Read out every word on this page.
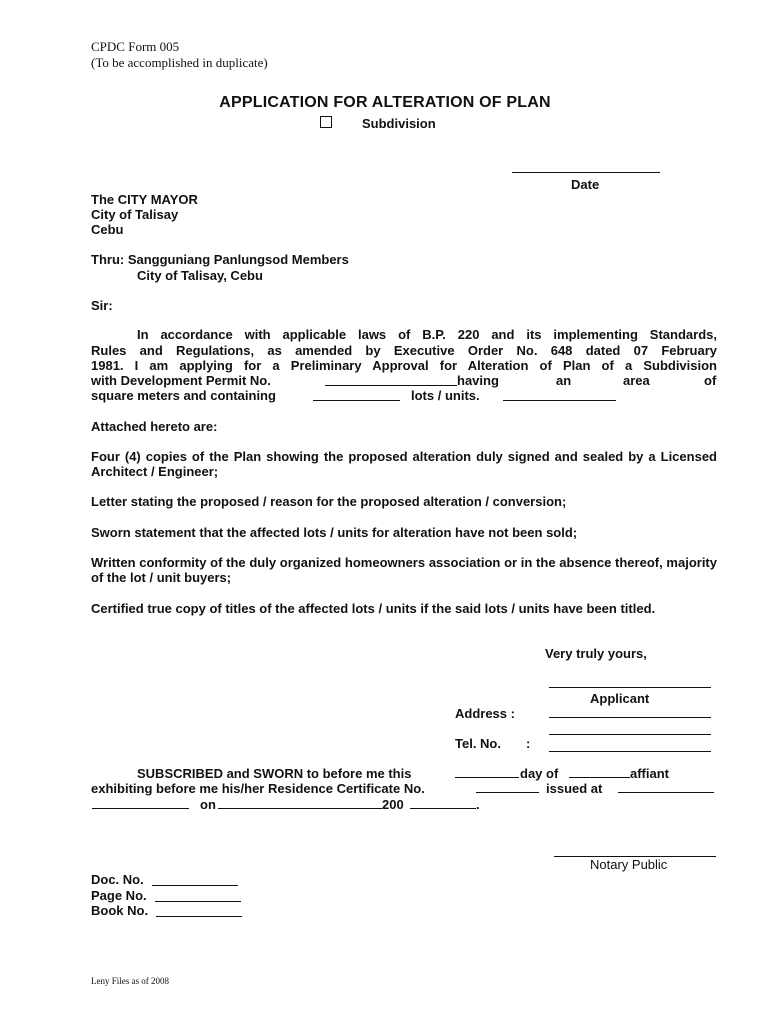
CPDC Form 005
(To be accomplished in duplicate)
APPLICATION FOR ALTERATION OF PLAN
Subdivision
Date
The CITY MAYOR
City of Talisay
Cebu
Thru: Sangguniang Panlungsod Members
City of Talisay, Cebu
Sir:
In accordance with applicable laws of B.P. 220 and its implementing Standards,
Rules and Regulations, as amended by Executive Order No. 648 dated 07 February
1981. I am applying for a Preliminary Approval for Alteration of Plan of a Subdivision
with Development Permit No.	having	an	area	of
square meters and containing	lots / units.
Attached hereto are:
Four (4) copies of the Plan showing the proposed alteration duly signed and sealed by a Licensed Architect / Engineer;
Letter stating the proposed / reason for the proposed alteration / conversion;
Sworn statement that the affected lots / units for alteration have not been sold;
Written conformity of the duly organized homeowners association or in the absence thereof, majority of the lot / unit buyers;
Certified true copy of titles of the affected lots / units if the said lots / units have been titled.
Very truly yours,
Applicant
Address :
Tel. No. :
SUBSCRIBED and SWORN to before me this	day of	affiant
exhibiting before me his/her Residence Certificate No.	issued at
on	200	.
Notary Public
Doc. No.
Page No.
Book No.
Leny Files as of 2008
